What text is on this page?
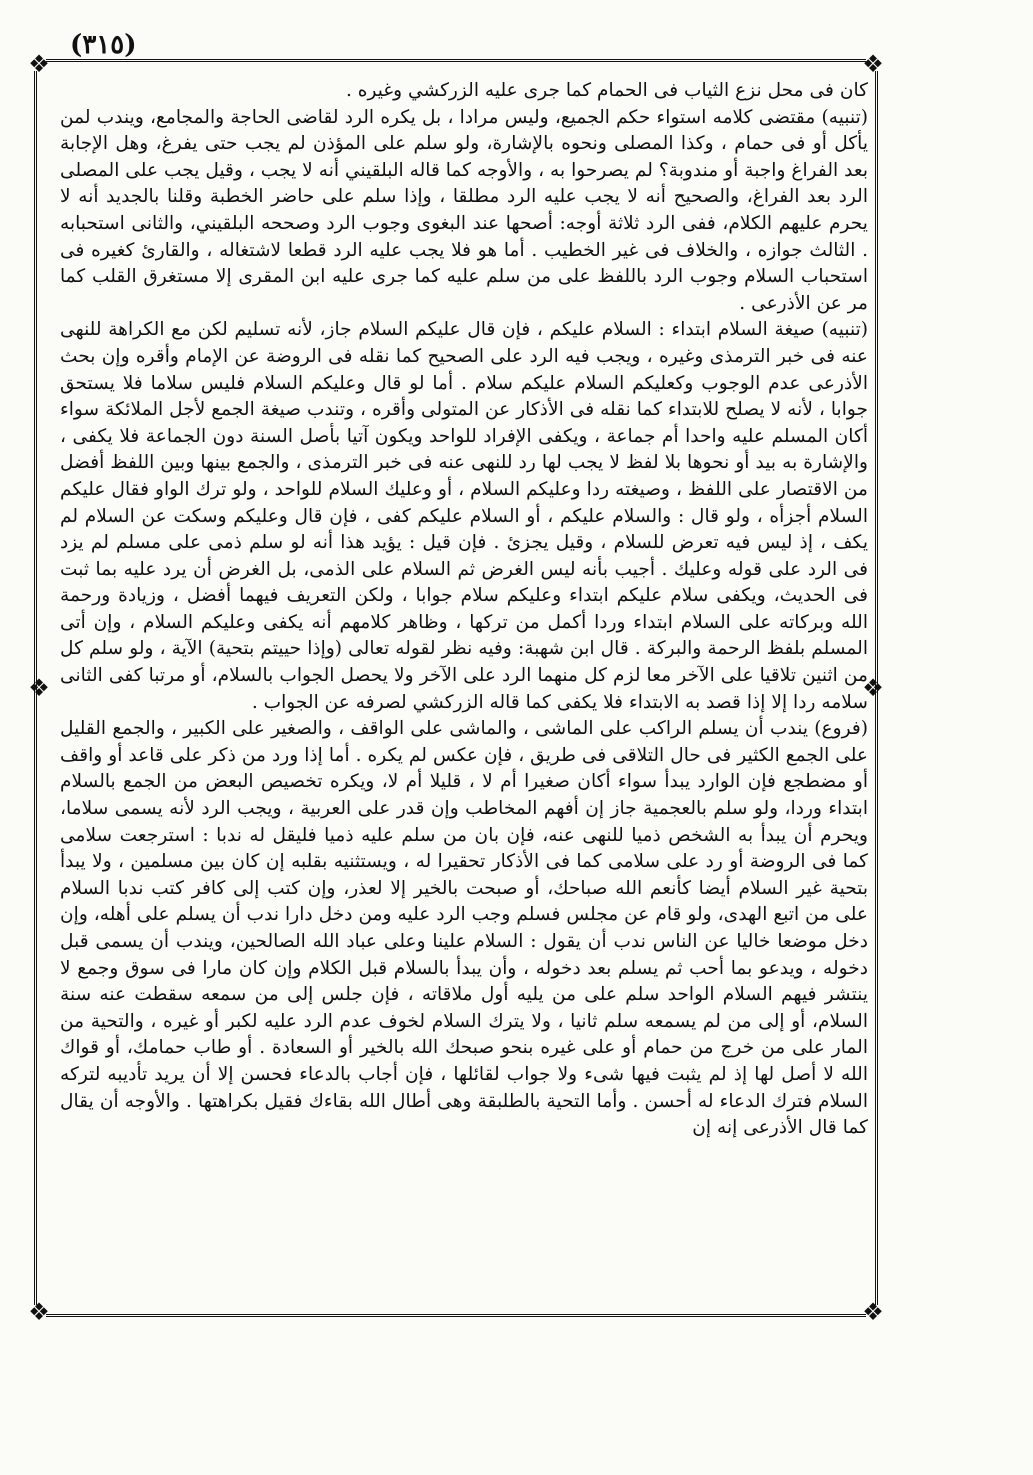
(٣١٥)
❖	❖
❖	❖
❖	❖

كان فى محل نزع الثياب فى الحمام كما جرى عليه الزركشي وغيره .

(تنبيه) مقتضى كلامه استواء حكم الجميع، وليس مرادا ، بل يكره الرد لقاضى الحاجة والمجامع، ويندب لمن يأكل أو فى حمام ، وكذا المصلى ونحوه بالإشارة، ولو سلم على المؤذن لم يجب حتى يفرغ، وهل الإجابة بعد الفراغ واجبة أو مندوبة؟ لم يصرحوا به ، والأوجه كما قاله البلقيني أنه لا يجب ، وقيل يجب على المصلى الرد بعد الفراغ، والصحيح أنه لا يجب عليه الرد مطلقا ، وإذا سلم على حاضر الخطبة وقلنا بالجديد أنه لا يحرم عليهم الكلام، ففى الرد ثلاثة أوجه: أصحها عند البغوى وجوب الرد وصححه البلقيني، والثانى استحبابه . الثالث جوازه ، والخلاف فى غير الخطيب . أما هو فلا يجب عليه الرد قطعا لاشتغاله ، والقارئ كغيره فى استحباب السلام وجوب الرد باللفظ على من سلم عليه كما جرى عليه ابن المقرى إلا مستغرق القلب كما مر عن الأذرعى .

(تنبيه) صيغة السلام ابتداء : السلام عليكم ، فإن قال عليكم السلام جاز، لأنه تسليم لكن مع الكراهة للنهى عنه فى خبر الترمذى وغيره ، ويجب فيه الرد على الصحيح كما نقله فى الروضة عن الإمام وأقره وإن بحث الأذرعى عدم الوجوب وكعليكم السلام عليكم سلام . أما لو قال وعليكم السلام فليس سلاما فلا يستحق جوابا ، لأنه لا يصلح للابتداء كما نقله فى الأذكار عن المتولى وأقره ، وتندب صيغة الجمع لأجل الملائكة سواء أكان المسلم عليه واحدا أم جماعة ، ويكفى الإفراد للواحد ويكون آتيا بأصل السنة دون الجماعة فلا يكفى ، والإشارة به بيد أو نحوها بلا لفظ لا يجب لها رد للنهى عنه فى خبر الترمذى ، والجمع بينها وبين اللفظ أفضل من الاقتصار على اللفظ ، وصيغته ردا وعليكم السلام ، أو وعليك السلام للواحد ، ولو ترك الواو فقال عليكم السلام أجزأه ، ولو قال : والسلام عليكم ، أو السلام عليكم كفى ، فإن قال وعليكم وسكت عن السلام لم يكف ، إذ ليس فيه تعرض للسلام ، وقيل يجزئ . فإن قيل : يؤيد هذا أنه لو سلم ذمى على مسلم لم يزد فى الرد على قوله وعليك . أجيب بأنه ليس الغرض ثم السلام على الذمى، بل الغرض أن يرد عليه بما ثبت فى الحديث، ويكفى سلام عليكم ابتداء وعليكم سلام جوابا ، ولكن التعريف فيهما أفضل ، وزيادة ورحمة الله وبركاته على السلام ابتداء وردا أكمل من تركها ، وظاهر كلامهم أنه يكفى وعليكم السلام ، وإن أتى المسلم بلفظ الرحمة والبركة . قال ابن شهبة: وفيه نظر لقوله تعالى (وإذا حييتم بتحية) الآية ، ولو سلم كل من اثنين تلاقيا على الآخر معا لزم كل منهما الرد على الآخر ولا يحصل الجواب بالسلام، أو مرتبا كفى الثانى سلامه ردا إلا إذا قصد به الابتداء فلا يكفى كما قاله الزركشي لصرفه عن الجواب .

(فروع) يندب أن يسلم الراكب على الماشى ، والماشى على الواقف ، والصغير على الكبير ، والجمع القليل على الجمع الكثير فى حال التلاقى فى طريق ، فإن عكس لم يكره . أما إذا ورد من ذكر على قاعد أو واقف أو مضطجع فإن الوارد يبدأ سواء أكان صغيرا أم لا ، قليلا أم لا، ويكره تخصيص البعض من الجمع بالسلام ابتداء وردا، ولو سلم بالعجمية جاز إن أفهم المخاطب وإن قدر على العربية ، ويجب الرد لأنه يسمى سلاما، ويحرم أن يبدأ به الشخص ذميا للنهى عنه، فإن بان من سلم عليه ذميا فليقل له ندبا : استرجعت سلامى كما فى الروضة أو رد على سلامى كما فى الأذكار تحقيرا له ، ويستثنيه بقلبه إن كان بين مسلمين ، ولا يبدأ بتحية غير السلام أيضا كأنعم الله صباحك، أو صبحت بالخير إلا لعذر، وإن كتب إلى كافر كتب ندبا السلام على من اتبع الهدى، ولو قام عن مجلس فسلم وجب الرد عليه ومن دخل دارا ندب أن يسلم على أهله، وإن دخل موضعا خاليا عن الناس ندب أن يقول : السلام علينا وعلى عباد الله الصالحين، ويندب أن يسمى قبل دخوله ، ويدعو بما أحب ثم يسلم بعد دخوله ، وأن يبدأ بالسلام قبل الكلام وإن كان مارا فى سوق وجمع لا ينتشر فيهم السلام الواحد سلم على من يليه أول ملاقاته ، فإن جلس إلى من سمعه سقطت عنه سنة السلام، أو إلى من لم يسمعه سلم ثانيا ، ولا يترك السلام لخوف عدم الرد عليه لكبر أو غيره ، والتحية من المار على من خرج من حمام أو على غيره بنحو صبحك الله بالخير أو السعادة . أو طاب حمامك، أو قواك الله لا أصل لها إذ لم يثبت فيها شىء ولا جواب لقائلها ، فإن أجاب بالدعاء فحسن إلا أن يريد تأديبه لتركه السلام فترك الدعاء له أحسن . وأما التحية بالطلبقة وهى أطال الله بقاءك فقيل بكراهتها . والأوجه أن يقال كما قال الأذرعى إنه إن
